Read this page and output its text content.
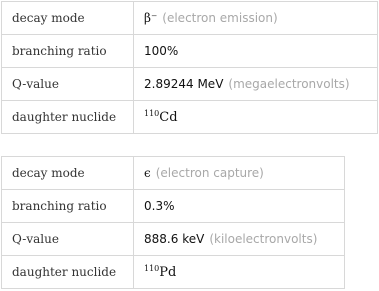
decay mode	β⁻ (electron emission)
branching ratio	100%
Q-value	2.89244 MeV (megaelectronvolts)
daughter nuclide	$^{110}$Cd
decay mode	ϵ (electron capture)
branching ratio	0.3%
Q-value	888.6 keV (kiloelectronvolts)
daughter nuclide	$^{110}$Pd
